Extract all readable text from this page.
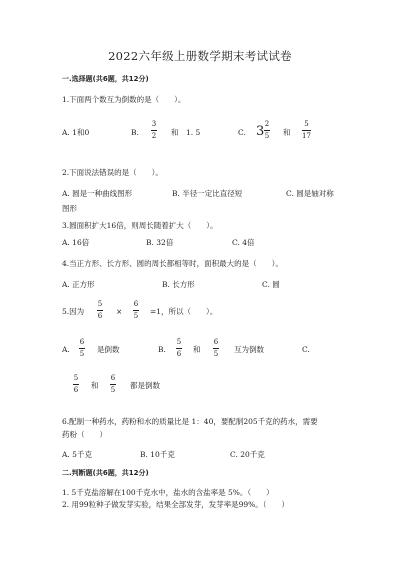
2022六年级上册数学期末考试试卷
一.选择题(共6题，共12分)
1.下面两个数互为倒数的是（　　）。
A. 1和0	B.
3
2 和 1. 5	C. 3 2
5 和
5
17
2.下面说法错误的是（　　）。
A. 圆是一种曲线图形	B. 半径一定比直径短	C. 圆是轴对称
图形
3.圆面积扩大16倍，则周长随着扩大（　　）。
A. 16倍	B. 32倍	C. 4倍
4.当正方形、长方形、圆的周长都相等时，面积最大的是（　　）。
A. 正方形	B. 长方形	C. 圆
5.因为
5
6 ×
6
5 =1，所以（　　）。
A.
6
5 是倒数	B.
5
6 和
6
5 互为倒数	C.
5
6 和
6
5 都是倒数
6.配制一种药水，药粉和水的质量比是 1：40，要配制205千克的药水，需要
药粉（　　）
A. 5千克	B. 10千克	C. 20千克
二.判断题(共6题，共12分)
1. 5千克盐溶解在100千克水中，盐水的含盐率是 5%。（　　）
2. 用99粒种子做发芽实验，结果全部发芽，发芽率是99%。（　　）
